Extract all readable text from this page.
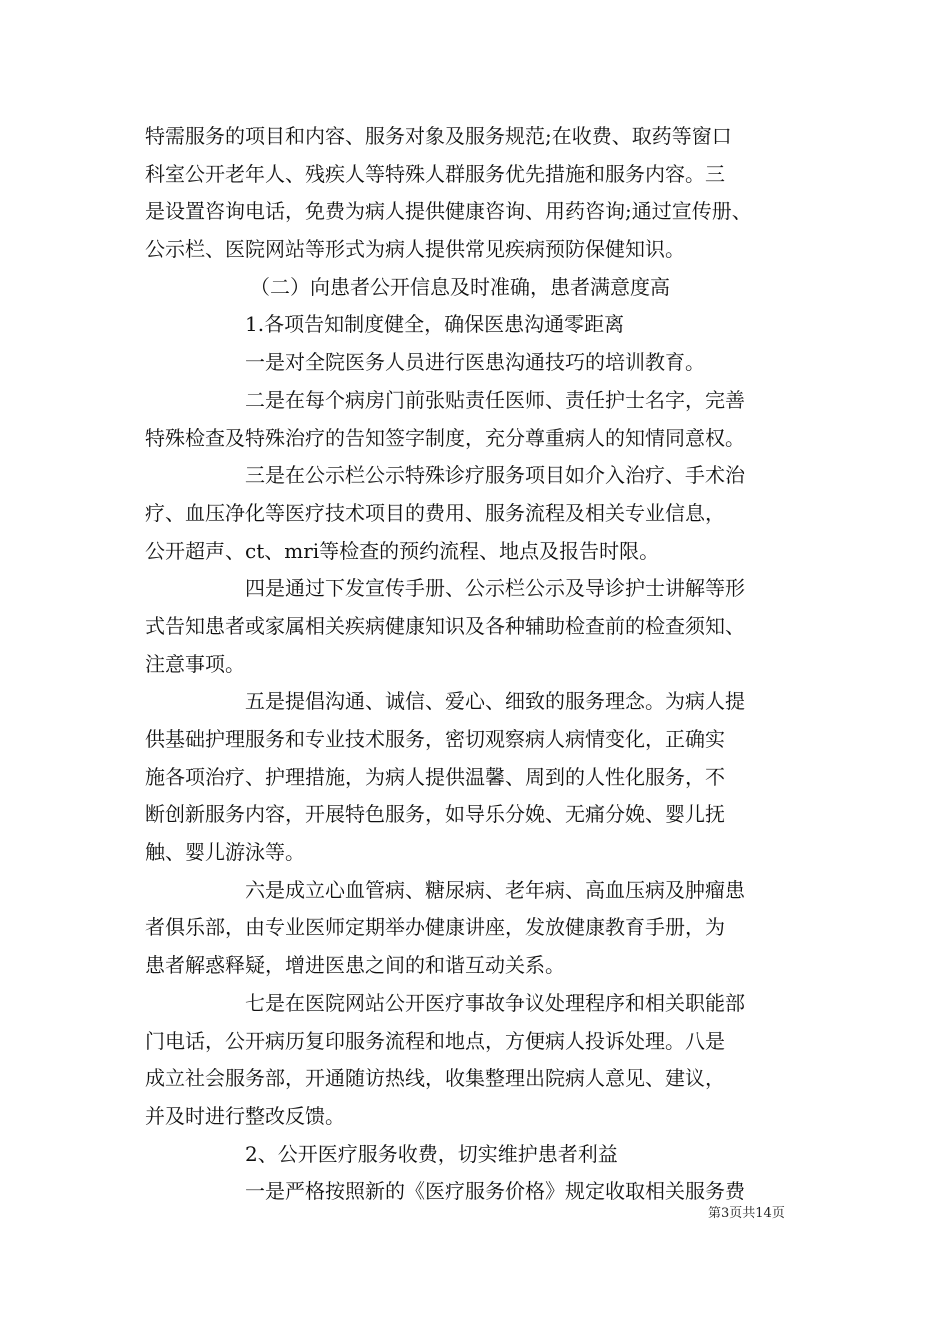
特需服务的项目和内容、服务对象及服务规范;在收费、取药等窗口
科室公开老年人、残疾人等特殊人群服务优先措施和服务内容。三
是设置咨询电话，免费为病人提供健康咨询、用药咨询;通过宣传册、
公示栏、医院网站等形式为病人提供常见疾病预防保健知识。
（二）向患者公开信息及时准确，患者满意度高
1.各项告知制度健全，确保医患沟通零距离
一是对全院医务人员进行医患沟通技巧的培训教育。
二是在每个病房门前张贴责任医师、责任护士名字，完善
特殊检查及特殊治疗的告知签字制度，充分尊重病人的知情同意权。
三是在公示栏公示特殊诊疗服务项目如介入治疗、手术治
疗、血压净化等医疗技术项目的费用、服务流程及相关专业信息，
公开超声、ct、mri等检查的预约流程、地点及报告时限。
四是通过下发宣传手册、公示栏公示及导诊护士讲解等形
式告知患者或家属相关疾病健康知识及各种辅助检查前的检查须知、
注意事项。
五是提倡沟通、诚信、爱心、细致的服务理念。为病人提
供基础护理服务和专业技术服务，密切观察病人病情变化，正确实
施各项治疗、护理措施，为病人提供温馨、周到的人性化服务，不
断创新服务内容，开展特色服务，如导乐分娩、无痛分娩、婴儿抚
触、婴儿游泳等。
六是成立心血管病、糖尿病、老年病、高血压病及肿瘤患
者俱乐部，由专业医师定期举办健康讲座，发放健康教育手册，为
患者解惑释疑，增进医患之间的和谐互动关系。
七是在医院网站公开医疗事故争议处理程序和相关职能部
门电话，公开病历复印服务流程和地点，方便病人投诉处理。八是
成立社会服务部，开通随访热线，收集整理出院病人意见、建议，
并及时进行整改反馈。
2、公开医疗服务收费，切实维护患者利益
一是严格按照新的《医疗服务价格》规定收取相关服务费
第3页共14页
